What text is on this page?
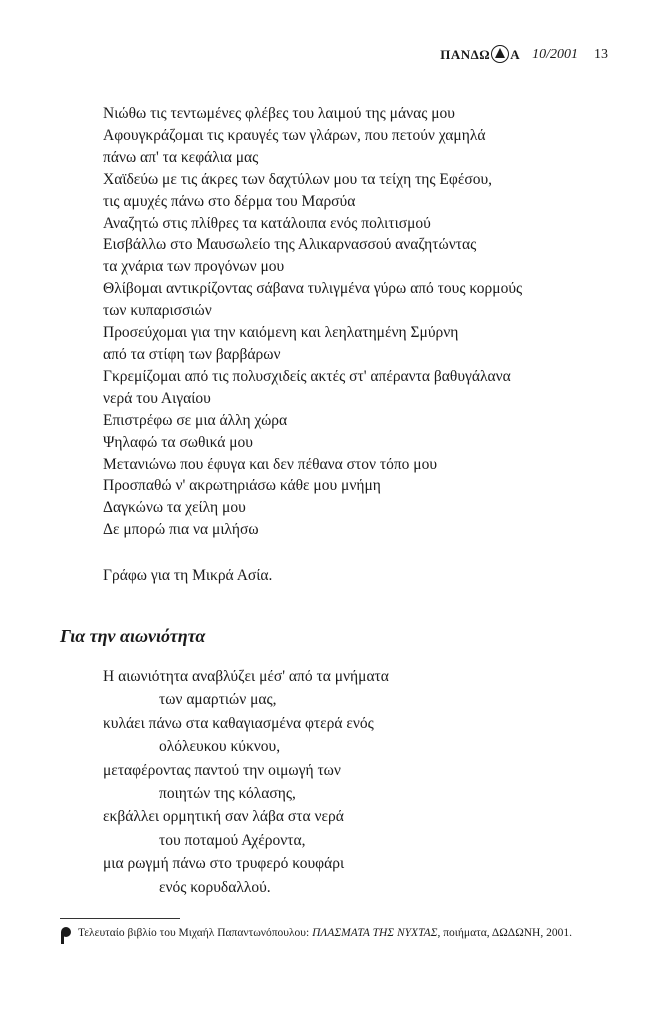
ΠΑΝΔΩ Α 10/2001 13
Νιώθω τις τεντωμένες φλέβες του λαιμού της μάνας μου
Αφουγκράζομαι τις κραυγές των γλάρων, που πετούν χαμηλά
πάνω απ' τα κεφάλια μας
Χαϊδεύω με τις άκρες των δαχτύλων μου τα τείχη της Εφέσου,
τις αμυχές πάνω στο δέρμα του Μαρσύα
Αναζητώ στις πλίθρες τα κατάλοιπα ενός πολιτισμού
Εισβάλλω στο Μαυσωλείο της Αλικαρνασσού αναζητώντας
τα χνάρια των προγόνων μου
Θλίβομαι αντικρίζοντας σάβανα τυλιγμένα γύρω από τους κορμούς
των κυπαρισσιών
Προσεύχομαι για την καιόμενη και λεηλατημένη Σμύρνη
από τα στίφη των βαρβάρων
Γκρεμίζομαι από τις πολυσχιδείς ακτές στ' απέραντα βαθυγάλανα
νερά του Αιγαίου
Επιστρέφω σε μια άλλη χώρα
Ψηλαφώ τα σωθικά μου
Μετανιώνω που έφυγα και δεν πέθανα στον τόπο μου
Προσπαθώ ν' ακρωτηριάσω κάθε μου μνήμη
Δαγκώνω τα χείλη μου
Δε μπορώ πια να μιλήσω
Γράφω για τη Μικρά Ασία.
Για την αιωνιότητα
Η αιωνιότητα αναβλύζει μέσ' από τα μνήματα
των αμαρτιών μας,
κυλάει πάνω στα καθαγιασμένα φτερά ενός
ολόλευκου κύκνου,
μεταφέροντας παντού την οιμωγή των
ποιητών της κόλασης,
εκβάλλει ορμητική σαν λάβα στα νερά
του ποταμού Αχέροντα,
μια ρωγμή πάνω στο τρυφερό κουφάρι
ενός κορυδαλλού.
Τελευταίο βιβλίο του Μιχαήλ Παπαντωνόπουλου: ΠΛΑΣΜΑΤΑ ΤΗΣ ΝΥΧΤΑΣ, ποιήματα, ΔΩΔΩΝΗ, 2001.
